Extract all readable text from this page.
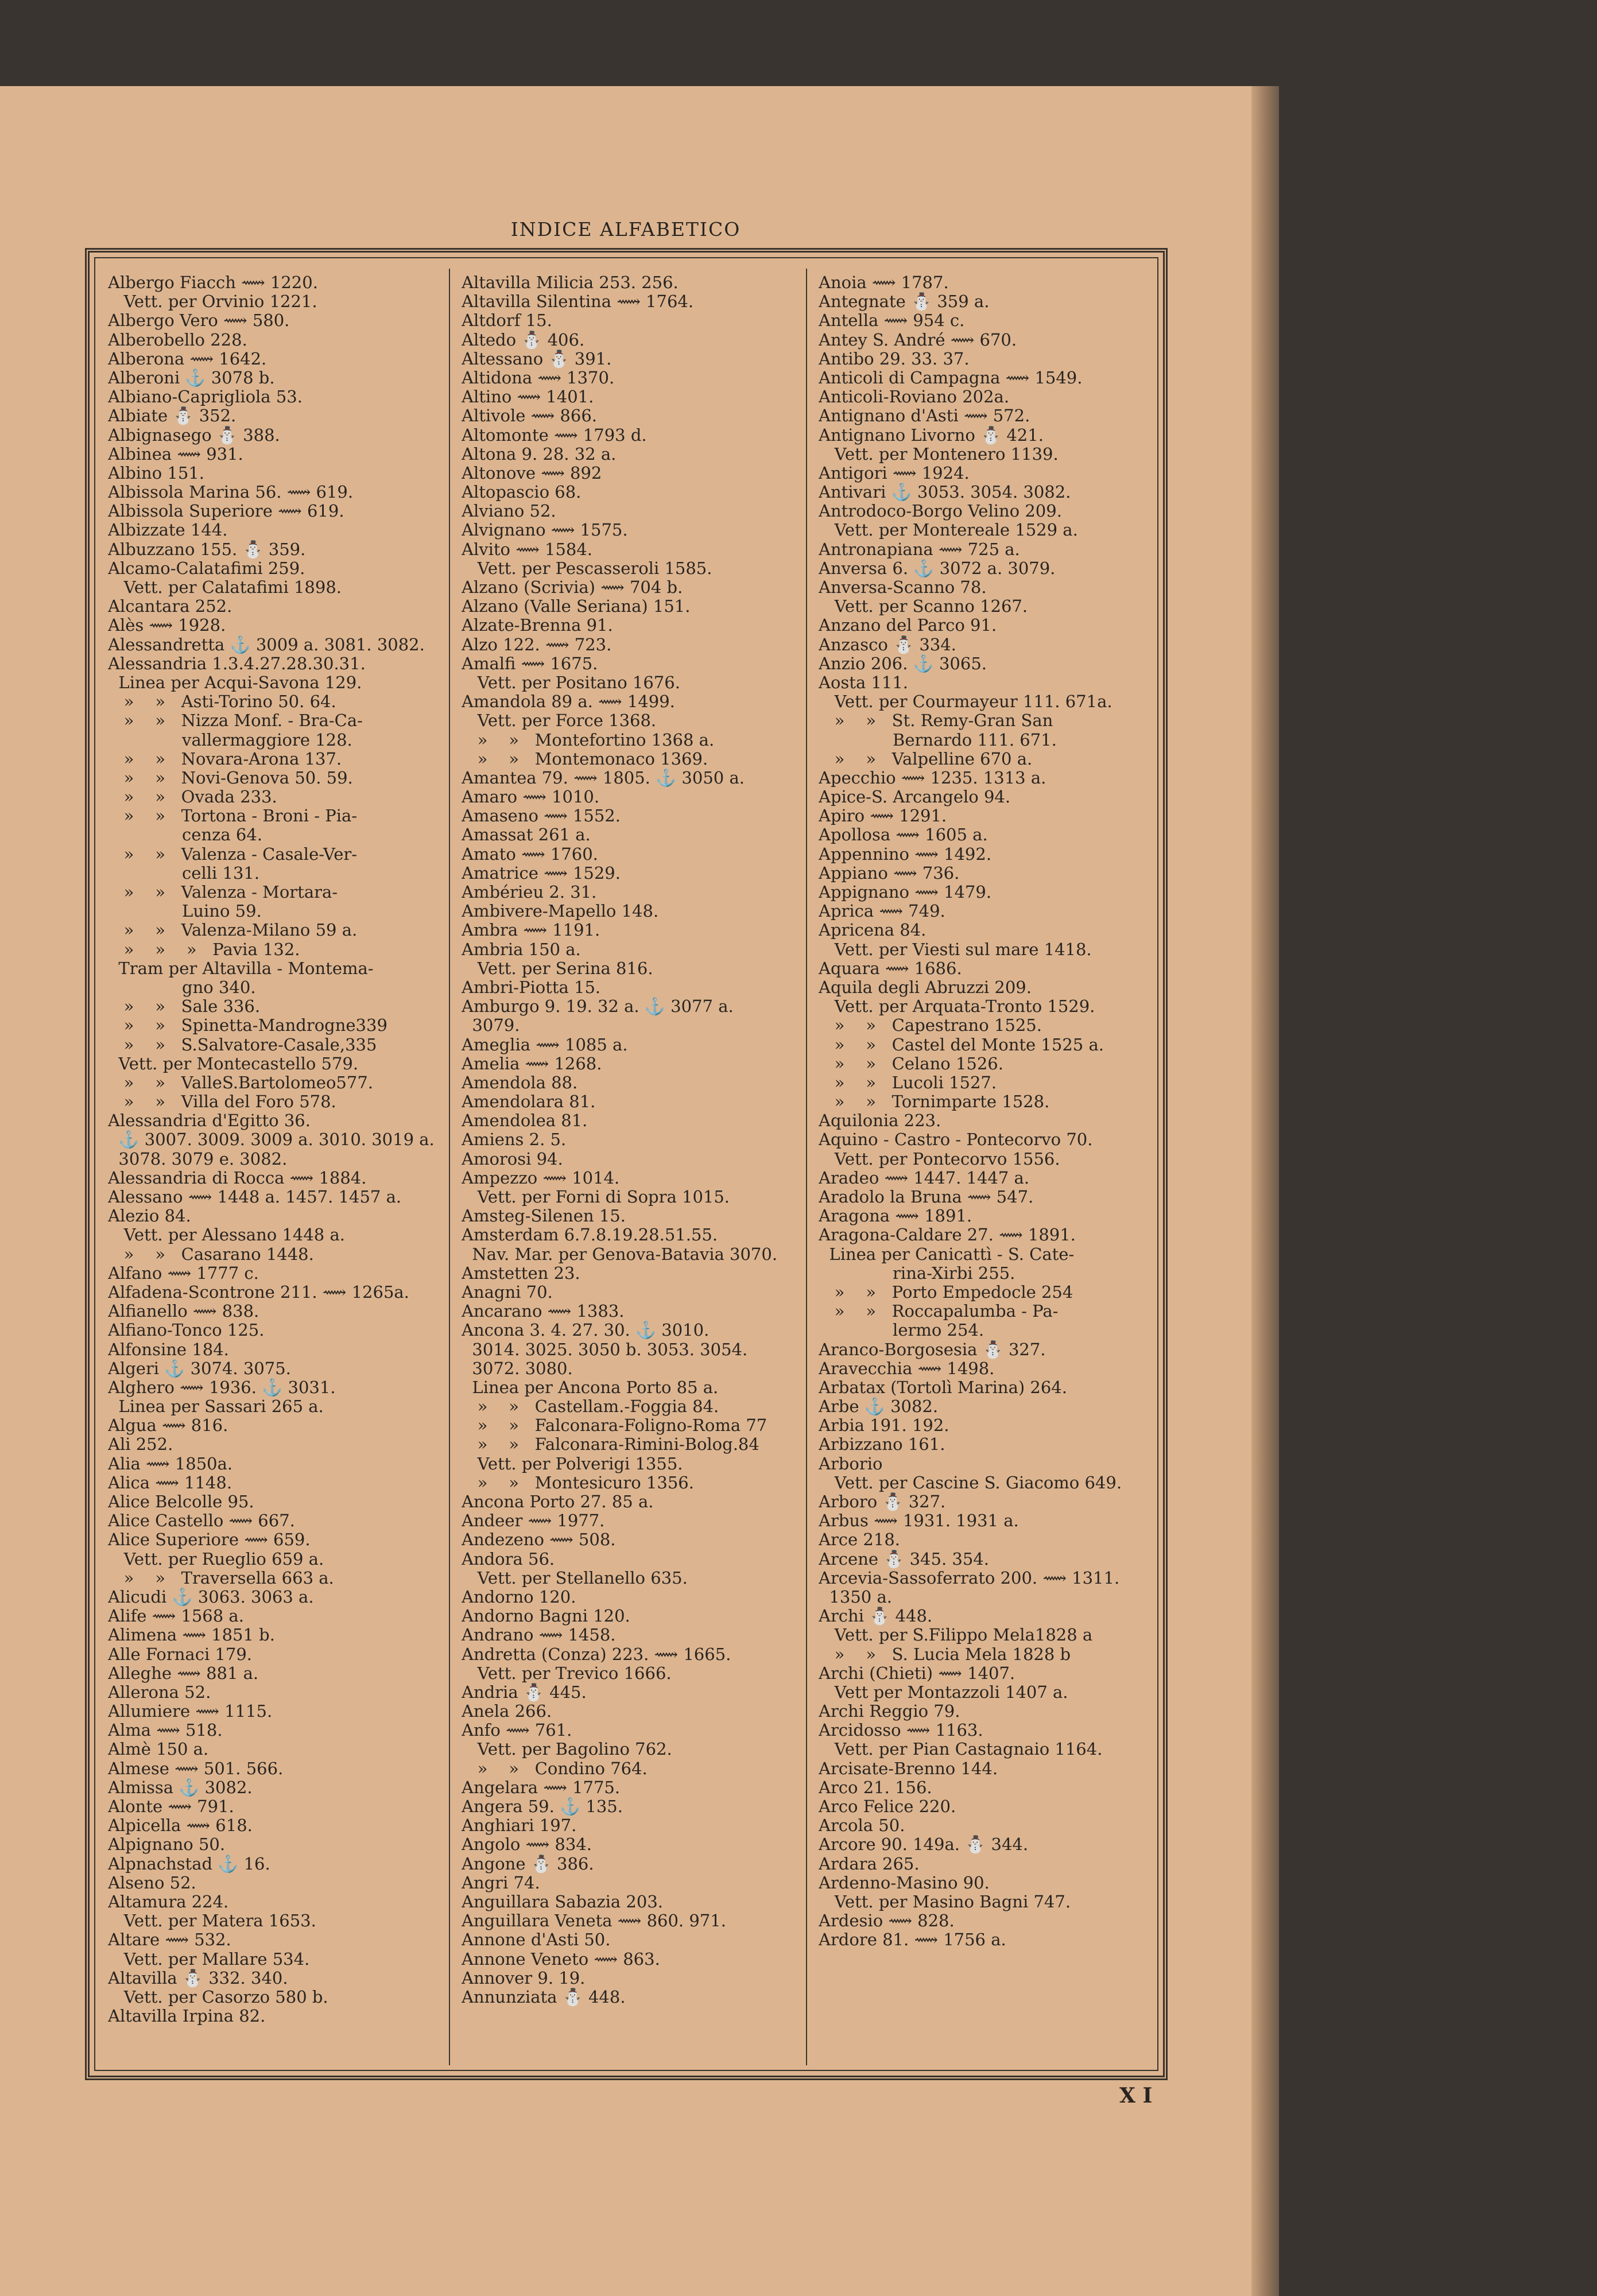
INDICE ALFABETICO
Albergo Fiacch ⟿ 1220.
Vett. per Orvinio 1221.
Albergo Vero ⟿ 580.
Alberobello 228.
Alberona ⟿ 1642.
Alberoni ⚓ 3078 b.
Albiano-Caprigliola 53.
Albiate ⛄ 352.
Albignasego ⛄ 388.
Albinea ⟿ 931.
Albino 151.
Albissola Marina 56. ⟿ 619.
Albissola Superiore ⟿ 619.
Albizzate 144.
Albuzzano 155. ⛄ 359.
Alcamo-Calatafimi 259.
Vett. per Calatafimi 1898.
Alcantara 252.
Alès ⟿ 1928.
Alessandretta ⚓ 3009 a. 3081. 3082.
Alessandria 1.3.4.27.28.30.31.
Linea per Acqui-Savona 129.
»    »   Asti-Torino 50. 64.
»    »   Nizza Monf. - Bra-Ca-
vallermaggiore 128.
»    »   Novara-Arona 137.
»    »   Novi-Genova 50. 59.
»    »   Ovada 233.
»    »   Tortona - Broni - Pia-
cenza 64.
»    »   Valenza - Casale-Ver-
celli 131.
»    »   Valenza - Mortara-
Luino 59.
»    »   Valenza-Milano 59 a.
»    »    »   Pavia 132.
Tram per Altavilla - Montema-
gno 340.
»    »   Sale 336.
»    »   Spinetta-Mandrogne339
»    »   S.Salvatore-Casale,335
Vett. per Montecastello 579.
»    »   ValleS.Bartolomeo577.
»    »   Villa del Foro 578.
Alessandria d'Egitto 36.
⚓ 3007. 3009. 3009 a. 3010. 3019 a.
3078. 3079 e. 3082.
Alessandria di Rocca ⟿ 1884.
Alessano ⟿ 1448 a. 1457. 1457 a.
Alezio 84.
Vett. per Alessano 1448 a.
»    »   Casarano 1448.
Alfano ⟿ 1777 c.
Alfadena-Scontrone 211. ⟿ 1265a.
Alfianello ⟿ 838.
Alfiano-Tonco 125.
Alfonsine 184.
Algeri ⚓ 3074. 3075.
Alghero ⟿ 1936. ⚓ 3031.
Linea per Sassari 265 a.
Algua ⟿ 816.
Ali 252.
Alia ⟿ 1850a.
Alica ⟿ 1148.
Alice Belcolle 95.
Alice Castello ⟿ 667.
Alice Superiore ⟿ 659.
Vett. per Rueglio 659 a.
»    »   Traversella 663 a.
Alicudi ⚓ 3063. 3063 a.
Alife ⟿ 1568 a.
Alimena ⟿ 1851 b.
Alle Fornaci 179.
Alleghe ⟿ 881 a.
Allerona 52.
Allumiere ⟿ 1115.
Alma ⟿ 518.
Almè 150 a.
Almese ⟿ 501. 566.
Almissa ⚓ 3082.
Alonte ⟿ 791.
Alpicella ⟿ 618.
Alpignano 50.
Alpnachstad ⚓ 16.
Alseno 52.
Altamura 224.
Vett. per Matera 1653.
Altare ⟿ 532.
Vett. per Mallare 534.
Altavilla ⛄ 332. 340.
Vett. per Casorzo 580 b.
Altavilla Irpina 82.
Altavilla Milicia 253. 256.
Altavilla Silentina ⟿ 1764.
Altdorf 15.
Altedo ⛄ 406.
Altessano ⛄ 391.
Altidona ⟿ 1370.
Altino ⟿ 1401.
Altivole ⟿ 866.
Altomonte ⟿ 1793 d.
Altona 9. 28. 32 a.
Altonove ⟿ 892
Altopascio 68.
Alviano 52.
Alvignano ⟿ 1575.
Alvito ⟿ 1584.
Vett. per Pescasseroli 1585.
Alzano (Scrivia) ⟿ 704 b.
Alzano (Valle Seriana) 151.
Alzate-Brenna 91.
Alzo 122. ⟿ 723.
Amalfi ⟿ 1675.
Vett. per Positano 1676.
Amandola 89 a. ⟿ 1499.
Vett. per Force 1368.
»    »   Montefortino 1368 a.
»    »   Montemonaco 1369.
Amantea 79. ⟿ 1805. ⚓ 3050 a.
Amaro ⟿ 1010.
Amaseno ⟿ 1552.
Amassat 261 a.
Amato ⟿ 1760.
Amatrice ⟿ 1529.
Ambérieu 2. 31.
Ambivere-Mapello 148.
Ambra ⟿ 1191.
Ambria 150 a.
Vett. per Serina 816.
Ambri-Piotta 15.
Amburgo 9. 19. 32 a. ⚓ 3077 a.
3079.
Ameglia ⟿ 1085 a.
Amelia ⟿ 1268.
Amendola 88.
Amendolara 81.
Amendolea 81.
Amiens 2. 5.
Amorosi 94.
Ampezzo ⟿ 1014.
Vett. per Forni di Sopra 1015.
Amsteg-Silenen 15.
Amsterdam 6.7.8.19.28.51.55.
Nav. Mar. per Genova-Batavia 3070.
Amstetten 23.
Anagni 70.
Ancarano ⟿ 1383.
Ancona 3. 4. 27. 30. ⚓ 3010.
3014. 3025. 3050 b. 3053. 3054.
3072. 3080.
Linea per Ancona Porto 85 a.
»    »   Castellam.-Foggia 84.
»    »   Falconara-Foligno-Roma 77
»    »   Falconara-Rimini-Bolog.84
Vett. per Polverigi 1355.
»    »   Montesicuro 1356.
Ancona Porto 27. 85 a.
Andeer ⟿ 1977.
Andezeno ⟿ 508.
Andora 56.
Vett. per Stellanello 635.
Andorno 120.
Andorno Bagni 120.
Andrano ⟿ 1458.
Andretta (Conza) 223. ⟿ 1665.
Vett. per Trevico 1666.
Andria ⛄ 445.
Anela 266.
Anfo ⟿ 761.
Vett. per Bagolino 762.
»    »   Condino 764.
Angelara ⟿ 1775.
Angera 59. ⚓ 135.
Anghiari 197.
Angolo ⟿ 834.
Angone ⛄ 386.
Angri 74.
Anguillara Sabazia 203.
Anguillara Veneta ⟿ 860. 971.
Annone d'Asti 50.
Annone Veneto ⟿ 863.
Annover 9. 19.
Annunziata ⛄ 448.
Anoia ⟿ 1787.
Antegnate ⛄ 359 a.
Antella ⟿ 954 c.
Antey S. André ⟿ 670.
Antibo 29. 33. 37.
Anticoli di Campagna ⟿ 1549.
Anticoli-Roviano 202a.
Antignano d'Asti ⟿ 572.
Antignano Livorno ⛄ 421.
Vett. per Montenero 1139.
Antigori ⟿ 1924.
Antivari ⚓ 3053. 3054. 3082.
Antrodoco-Borgo Velino 209.
Vett. per Montereale 1529 a.
Antronapiana ⟿ 725 a.
Anversa 6. ⚓ 3072 a. 3079.
Anversa-Scanno 78.
Vett. per Scanno 1267.
Anzano del Parco 91.
Anzasco ⛄ 334.
Anzio 206. ⚓ 3065.
Aosta 111.
Vett. per Courmayeur 111. 671a.
»    »   St. Remy-Gran San
Bernardo 111. 671.
»    »   Valpelline 670 a.
Apecchio ⟿ 1235. 1313 a.
Apice-S. Arcangelo 94.
Apiro ⟿ 1291.
Apollosa ⟿ 1605 a.
Appennino ⟿ 1492.
Appiano ⟿ 736.
Appignano ⟿ 1479.
Aprica ⟿ 749.
Apricena 84.
Vett. per Viesti sul mare 1418.
Aquara ⟿ 1686.
Aquila degli Abruzzi 209.
Vett. per Arquata-Tronto 1529.
»    »   Capestrano 1525.
»    »   Castel del Monte 1525 a.
»    »   Celano 1526.
»    »   Lucoli 1527.
»    »   Tornimparte 1528.
Aquilonia 223.
Aquino - Castro - Pontecorvo 70.
Vett. per Pontecorvo 1556.
Aradeo ⟿ 1447. 1447 a.
Aradolo la Bruna ⟿ 547.
Aragona ⟿ 1891.
Aragona-Caldare 27. ⟿ 1891.
Linea per Canicattì - S. Cate-
rina-Xirbi 255.
»    »   Porto Empedocle 254
»    »   Roccapalumba - Pa-
lermo 254.
Aranco-Borgosesia ⛄ 327.
Aravecchia ⟿ 1498.
Arbatax (Tortolì Marina) 264.
Arbe ⚓ 3082.
Arbia 191. 192.
Arbizzano 161.
Arborio
Vett. per Cascine S. Giacomo 649.
Arboro ⛄ 327.
Arbus ⟿ 1931. 1931 a.
Arce 218.
Arcene ⛄ 345. 354.
Arcevia-Sassoferrato 200. ⟿ 1311.
1350 a.
Archi ⛄ 448.
Vett. per S.Filippo Mela1828 a
»    »   S. Lucia Mela 1828 b
Archi (Chieti) ⟿ 1407.
Vett per Montazzoli 1407 a.
Archi Reggio 79.
Arcidosso ⟿ 1163.
Vett. per Pian Castagnaio 1164.
Arcisate-Brenno 144.
Arco 21. 156.
Arco Felice 220.
Arcola 50.
Arcore 90. 149a. ⛄ 344.
Ardara 265.
Ardenno-Masino 90.
Vett. per Masino Bagni 747.
Ardesio ⟿ 828.
Ardore 81. ⟿ 1756 a.
X I
